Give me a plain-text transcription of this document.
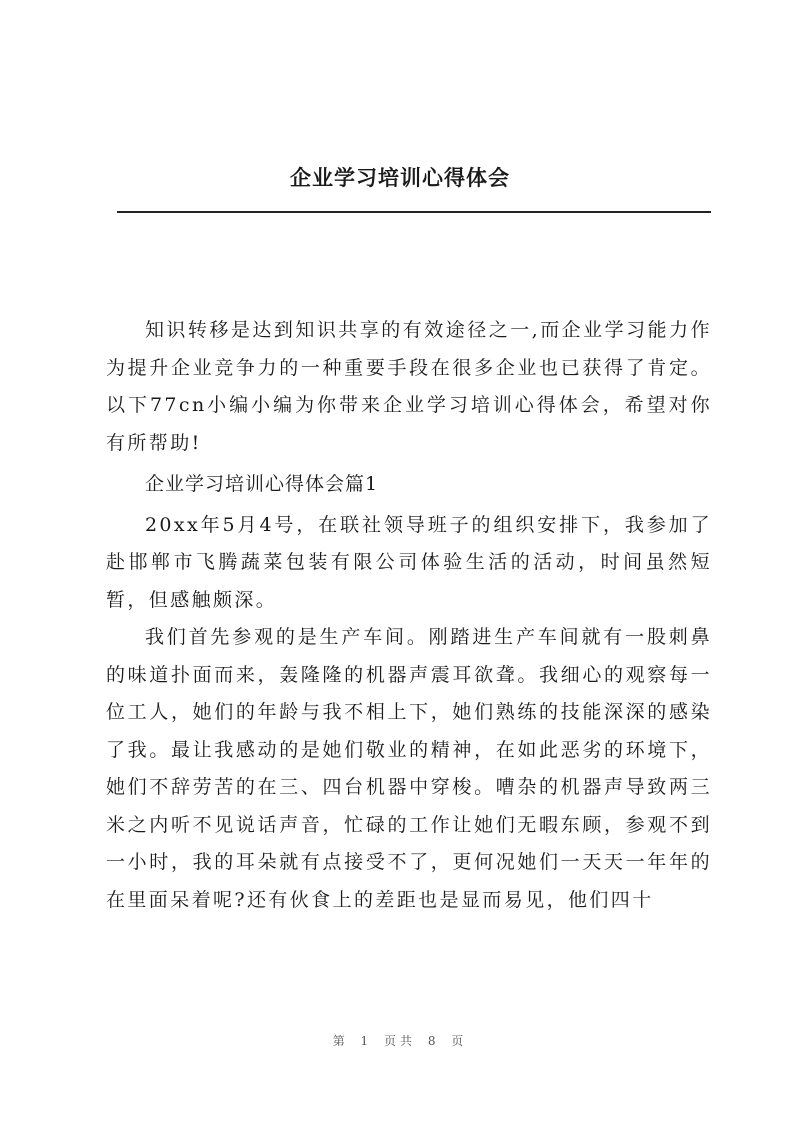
企业学习培训心得体会

知识转移是达到知识共享的有效途径之一,而企业学习能力作为提升企业竞争力的一种重要手段在很多企业也已获得了肯定。以下77cn小编小编为你带来企业学习培训心得体会，希望对你有所帮助!

企业学习培训心得体会篇1

20xx年5月4号，在联社领导班子的组织安排下，我参加了赴邯郸市飞腾蔬菜包装有限公司体验生活的活动，时间虽然短暂，但感触颇深。

我们首先参观的是生产车间。刚踏进生产车间就有一股刺鼻的味道扑面而来，轰隆隆的机器声震耳欲聋。我细心的观察每一位工人，她们的年龄与我不相上下，她们熟练的技能深深的感染了我。最让我感动的是她们敬业的精神，在如此恶劣的环境下，她们不辞劳苦的在三、四台机器中穿梭。嘈杂的机器声导致两三米之内听不见说话声音，忙碌的工作让她们无暇东顾，参观不到一小时，我的耳朵就有点接受不了，更何况她们一天天一年年的在里面呆着呢?还有伙食上的差距也是显而易见，他们四十

第 1 页共 8 页
